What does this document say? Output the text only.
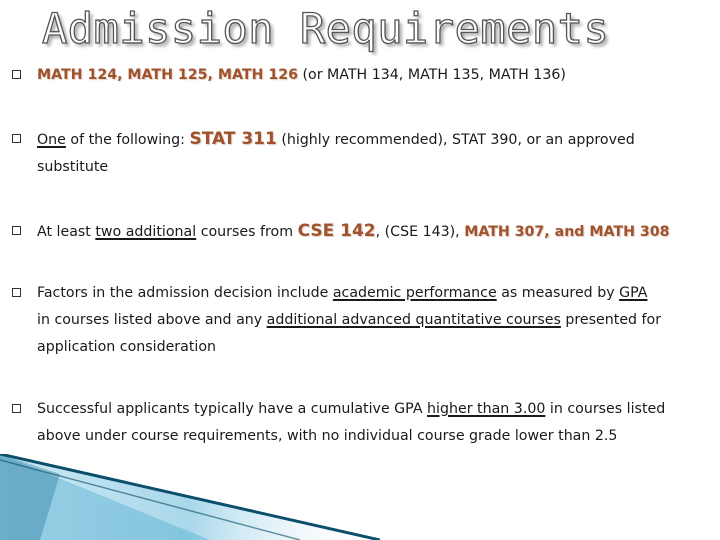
Admission Requirements
MATH 124, MATH 125, MATH 126 (or MATH 134, MATH 135, MATH 136)
One of the following: STAT 311 (highly recommended), STAT 390, or an approved
substitute
At least two additional courses from CSE 142, (CSE 143), MATH 307, and MATH 308
Factors in the admission decision include academic performance as measured by GPA
in courses listed above and any additional advanced quantitative courses presented for
application consideration
Successful applicants typically have a cumulative GPA higher than 3.00 in courses listed
above under course requirements, with no individual course grade lower than 2.5
